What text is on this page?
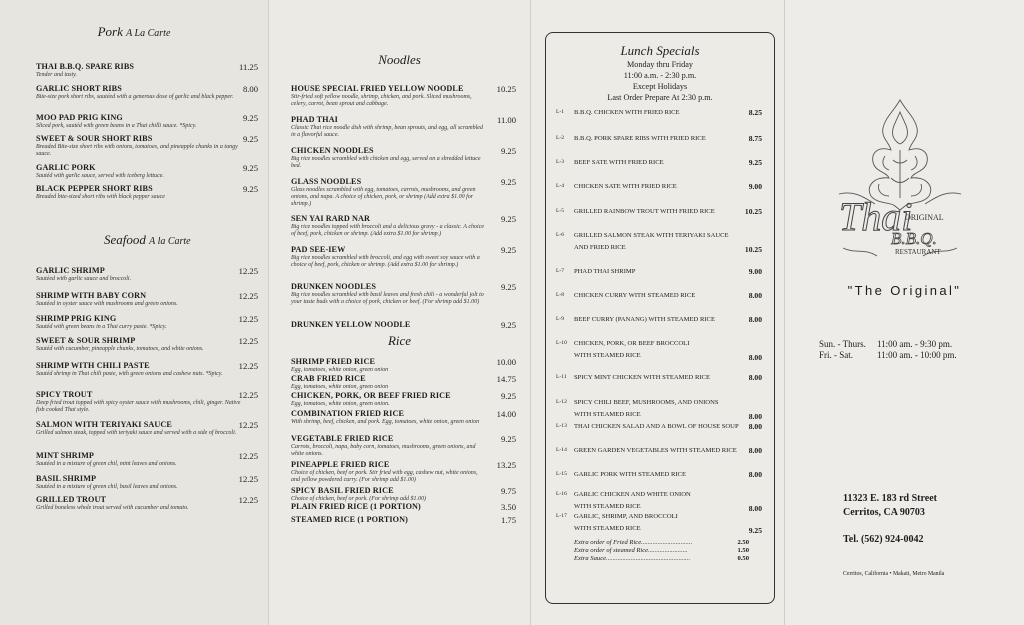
Pork A La Carte
THAI B.B.Q. SPARE RIBS	11.25
Tender and tasty.
GARLIC SHORT RIBS	8.00
Bite-size pork short ribs, sautéed with a generous dose of garlic and black pepper.
MOO PAD PRIG KING	9.25
Sliced pork, sautéd with green beans in a Thai chilli sauce. *Spicy.
SWEET & SOUR SHORT RIBS	9.25
Breaded Bite-size short ribs with onions, tomatoes, and pineapple chunks in a tangy sauce.
GARLIC PORK	9.25
Sautéd with garlic sauce, served with iceberg lettuce.
BLACK PEPPER SHORT RIBS	9.25
Breaded bite-sized short ribs with black pepper sauce
Seafood A la Carte
GARLIC SHRIMP	12.25
Sautéed with garlic sauce and broccoli.
SHRIMP WITH BABY CORN	12.25
Sautéed in oyster sauce with mushrooms and green onions.
SHRIMP PRIG KING	12.25
Sautéd with green beans in a Thai curry paste. *Spicy.
SWEET & SOUR SHRIMP	12.25
Sautéd with cucumber, pineapple chunks, tomatoes, and white onions.
SHRIMP WITH CHILI PASTE	12.25
Sautéd shrimp in Thai chili paste, with green onions and cashew nuts. *Spicy.
SPICY TROUT	12.25
Deep fried trout topped with spicy oyster sauce with mushrooms, chili, ginger. Native fish cooked Thai style.
SALMON WITH TERIYAKI SAUCE	12.25
Grilled salmon steak, topped with teriyaki sauce and served with a side of broccoli.
MINT SHRIMP	12.25
Sautéed in a mixture of green chil, mint leaves and onions.
BASIL SHRIMP	12.25
Sautéed in a mixture of green chil, basil leaves and onions.
GRILLED TROUT	12.25
Grilled boneless whole trout served with cucumber and tomato.
Noodles
HOUSE SPECIAL FRIED YELLOW NOODLE	10.25
Stir-fried soft yellow noodle, shrimp, chicken, and pork. Sliced mushrooms, celery, carrot, bean sprout and cabbage.
PHAD THAI	11.00
Classic Thai rice noodle dish with shrimp, bean sprouts, and egg, all scrambled in a flavorful sauce.
CHICKEN NOODLES	9.25
Big rice noodles scrambled with chicken and egg, served on a shredded lettuce bed.
GLASS NOODLES	9.25
Glass noodles scrambled with egg, tomatoes, carrots, mushrooms, and green onions, and napa. A choice of chicken, pork, or shrimp (Add extra $1.00 for shrimp.)
SEN YAI RARD NAR	9.25
Big rice noodles topped with broccoli and a delicious gravy - a classic. A choice of beef, pork, chicken or shrimp. (Add extra $1.00 for shrimp.)
PAD SEE-IEW	9.25
Big rice noodles scrambled with broccoli, and egg with sweet soy sauce with a choice of beef, pork, chicken or shrimp. (Add extra $1.00 for shrimp.)
DRUNKEN NOODLES	9.25
Big rice noodles scrambled with basil leaves and fresh chili - a wonderful jolt to your taste buds with a choice of pork, chicken or beef. (For shrimp add $1.00)
DRUNKEN YELLOW NOODLE	9.25
Rice
SHRIMP FRIED RICE	10.00
Egg, tomatoes, white onion, green onion
CRAB FRIED RICE	14.75
Egg, tomatoes, white onion, green onion
CHICKEN, PORK, OR BEEF FRIED RICE	9.25
Egg, tomatoes, white onion, green onion.
COMBINATION FRIED RICE	14.00
With shrimp, beef, chicken, and pork. Egg, tomatoes, white onion, green onion
VEGETABLE FRIED RICE	9.25
Carrots, broccoli, napa, baby corn, tomatoes, mushrooms, green onions, and white onions.
PINEAPPLE FRIED RICE	13.25
Choice of chicken, beef or pork. Stir fried with egg, cashew nut, white onions, and yellow powdered curry. (For shrimp add $1.00)
SPICY BASIL FRIED RICE	9.75
Choice of chicken, beef or pork. (For shrimp add $1.00)
PLAIN FRIED RICE (1 PORTION)	3.50
STEAMED RICE (1 PORTION)	1.75
Lunch Specials
Monday thru Friday
11:00 a.m. - 2:30 p.m.
Except Holidays
Last Order Prepare At 2:30 p.m.
L-1 B.B.Q. CHICKEN WITH FRIED RICE	8.25
L-2 B.B.Q. PORK SPARE RIBS WITH FRIED RICE	8.75
L-3 BEEF SATE WITH FRIED RICE	9.25
L-4 CHICKEN SATE WITH FRIED RICE	9.00
L-5 GRILLED RAINBOW TROUT WITH FRIED RICE	10.25
L-6 GRILLED SALMON STEAK WITH TERIYAKI SAUCE
AND FRIED RICE	10.25
L-7 PHAD THAI SHRIMP	9.00
L-8 CHICKEN CURRY WITH STEAMED RICE	8.00
L-9 BEEF CURRY (PANANG) WITH STEAMED RICE	8.00
L-10 CHICKEN, PORK, OR BEEF BROCCOLI
WITH STEAMED RICE	8.00
L-11 SPICY MINT CHICKEN WITH STEAMED RICE	8.00
L-12 SPICY CHILI BEEF, MUSHROOMS, AND ONIONS
WITH STEAMED RICE	8.00
L-13 THAI CHICKEN SALAD AND A BOWL OF HOUSE SOUP 8.00
L-14 GREEN GARDEN VEGETABLES WITH STEAMED RICE 8.00
L-15 GARLIC PORK WITH STEAMED RICE	8.00
L-16 GARLIC CHICKEN AND WHITE ONION
WITH STEAMED RICE	8.00
L-17 GARLIC, SHRIMP, AND BROCCOLI
WITH STEAMED RICE	9.25
Extra order of Fried Rice...............................	2.50
Extra order of steamed Rice........................	1.50
Extra Sauce...................................................	0.50
Thai
ORIGINAL
B.B.Q.
RESTAURANT
"The Original"
Sun. - Thurs. 11:00 am. - 9:30 pm.
Fri. - Sat.	11:00 am. - 10:00 pm.
11323 E. 183 rd Street
Cerritos, CA 90703
Tel. (562) 924-0042
Cerritos, California • Makati, Metro Manila
